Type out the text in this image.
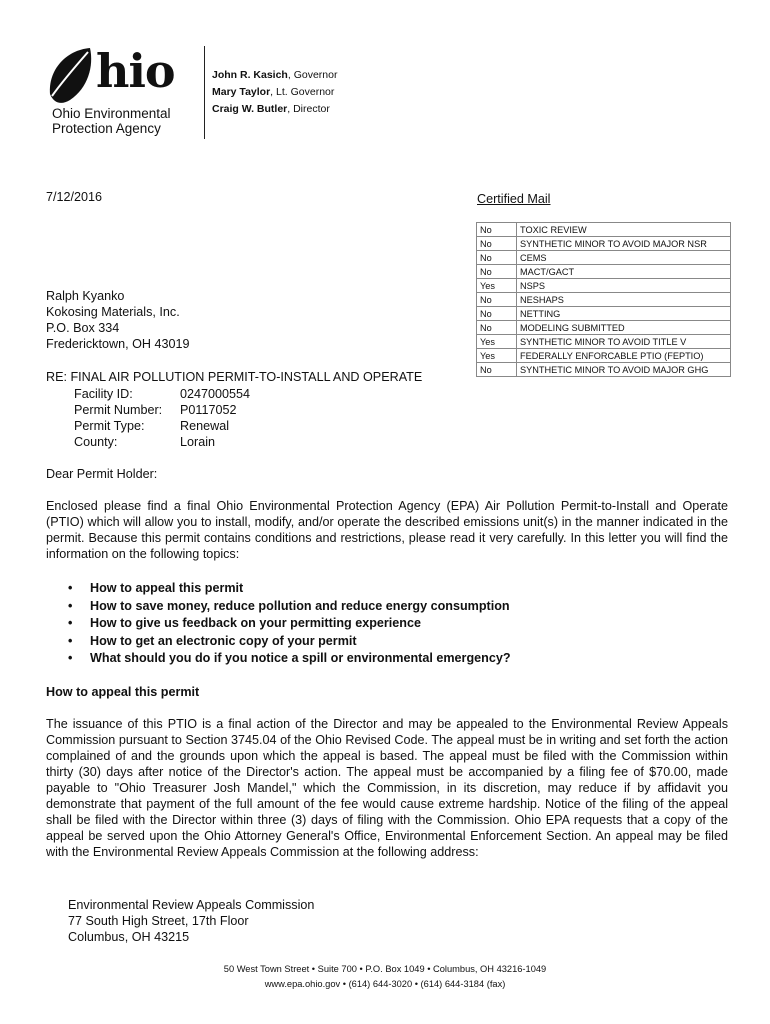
hio
Ohio Environmental
Protection Agency
John R. Kasich, Governor
Mary Taylor, Lt. Governor
Craig W. Butler, Director
7/12/2016	Certified Mail
No	TOXIC REVIEW
No	SYNTHETIC MINOR TO AVOID MAJOR NSR
No	CEMS
No	MACT/GACT
Yes	NSPS
No	NESHAPS
No	NETTING
No	MODELING SUBMITTED
Yes	SYNTHETIC MINOR TO AVOID TITLE V
Yes	FEDERALLY ENFORCABLE PTIO (FEPTIO)
No	SYNTHETIC MINOR TO AVOID MAJOR GHG
Ralph Kyanko
Kokosing Materials, Inc.
P.O. Box 334
Fredericktown, OH 43019
RE: FINAL AIR POLLUTION PERMIT-TO-INSTALL AND OPERATE
Facility ID:	0247000554
Permit Number: P0117052
Permit Type:	Renewal
County:	Lorain
Dear Permit Holder:
Enclosed please find a final Ohio Environmental Protection Agency (EPA) Air Pollution Permit-to-Install and Operate (PTIO) which will allow you to install, modify, and/or operate the described emissions unit(s) in the manner indicated in the permit. Because this permit contains conditions and restrictions, please read it very carefully. In this letter you will find the information on the following topics:
• How to appeal this permit
• How to save money, reduce pollution and reduce energy consumption
• How to give us feedback on your permitting experience
• How to get an electronic copy of your permit
• What should you do if you notice a spill or environmental emergency?
How to appeal this permit
The issuance of this PTIO is a final action of the Director and may be appealed to the Environmental Review Appeals Commission pursuant to Section 3745.04 of the Ohio Revised Code. The appeal must be in writing and set forth the action complained of and the grounds upon which the appeal is based. The appeal must be filed with the Commission within thirty (30) days after notice of the Director's action. The appeal must be accompanied by a filing fee of $70.00, made payable to "Ohio Treasurer Josh Mandel," which the Commission, in its discretion, may reduce if by affidavit you demonstrate that payment of the full amount of the fee would cause extreme hardship. Notice of the filing of the appeal shall be filed with the Director within three (3) days of filing with the Commission. Ohio EPA requests that a copy of the appeal be served upon the Ohio Attorney General's Office, Environmental Enforcement Section. An appeal may be filed with the Environmental Review Appeals Commission at the following address:
Environmental Review Appeals Commission
77 South High Street, 17th Floor
Columbus, OH 43215
50 West Town Street • Suite 700 • P.O. Box 1049 • Columbus, OH 43216-1049
www.epa.ohio.gov • (614) 644-3020 • (614) 644-3184 (fax)
